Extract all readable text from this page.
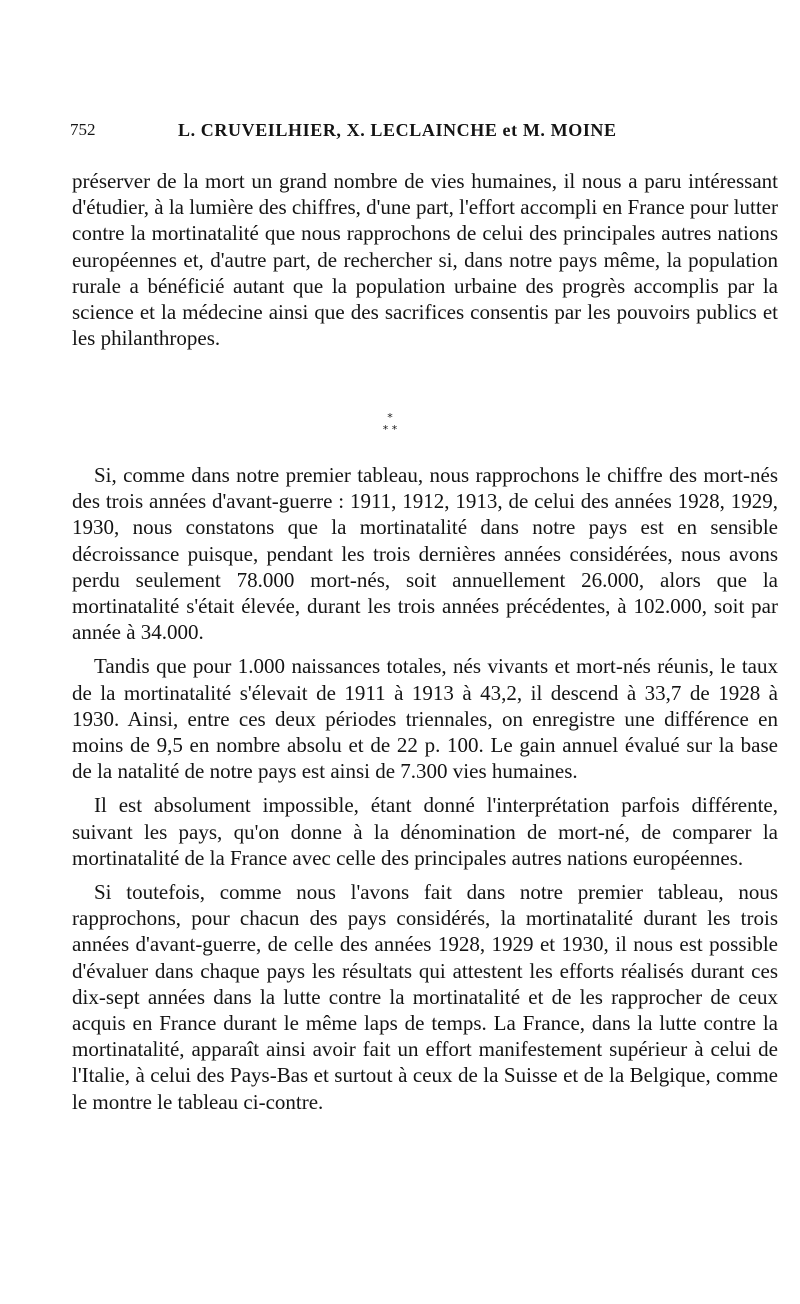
752	L. CRUVEILHIER, X. LECLAINCHE et M. MOINE

préserver de la mort un grand nombre de vies humaines, il nous a paru intéressant d'étudier, à la lumière des chiffres, d'une part, l'effort accompli en France pour lutter contre la mortinatalité que nous rapprochons de celui des principales autres nations européennes et, d'autre part, de rechercher si, dans notre pays même, la population rurale a bénéficié autant que la population urbaine des progrès accomplis par la science et la médecine ainsi que des sacrifices consentis par les pouvoirs publics et les philanthropes.

*
* *

Si, comme dans notre premier tableau, nous rapprochons le chiffre des mort-nés des trois années d'avant-guerre : 1911, 1912, 1913, de celui des années 1928, 1929, 1930, nous constatons que la mortinatalité dans notre pays est en sensible décroissance puisque, pendant les trois dernières années considérées, nous avons perdu seulement 78.000 mort-nés, soit annuellement 26.000, alors que la mortinatalité s'était élevée, durant les trois années précédentes, à 102.000, soit par année à 34.000.

Tandis que pour 1.000 naissances totales, nés vivants et mort-nés réunis, le taux de la mortinatalité s'élevait de 1911 à 1913 à 43,2, il descend à 33,7 de 1928 à 1930. Ainsi, entre ces deux périodes triennales, on enregistre une différence en moins de 9,5 en nombre absolu et de 22 p. 100. Le gain annuel évalué sur la base de la natalité de notre pays est ainsi de 7.300 vies humaines.

Il est absolument impossible, étant donné l'interprétation parfois différente, suivant les pays, qu'on donne à la dénomination de mort-né, de comparer la mortinatalité de la France avec celle des principales autres nations européennes.

Si toutefois, comme nous l'avons fait dans notre premier tableau, nous rapprochons, pour chacun des pays considérés, la mortinatalité durant les trois années d'avant-guerre, de celle des années 1928, 1929 et 1930, il nous est possible d'évaluer dans chaque pays les résultats qui attestent les efforts réalisés durant ces dix-sept années dans la lutte contre la mortinatalité et de les rapprocher de ceux acquis en France durant le même laps de temps. La France, dans la lutte contre la mortinatalité, apparaît ainsi avoir fait un effort manifestement supérieur à celui de l'Italie, à celui des Pays-Bas et surtout à ceux de la Suisse et de la Belgique, comme le montre le tableau ci-contre.
